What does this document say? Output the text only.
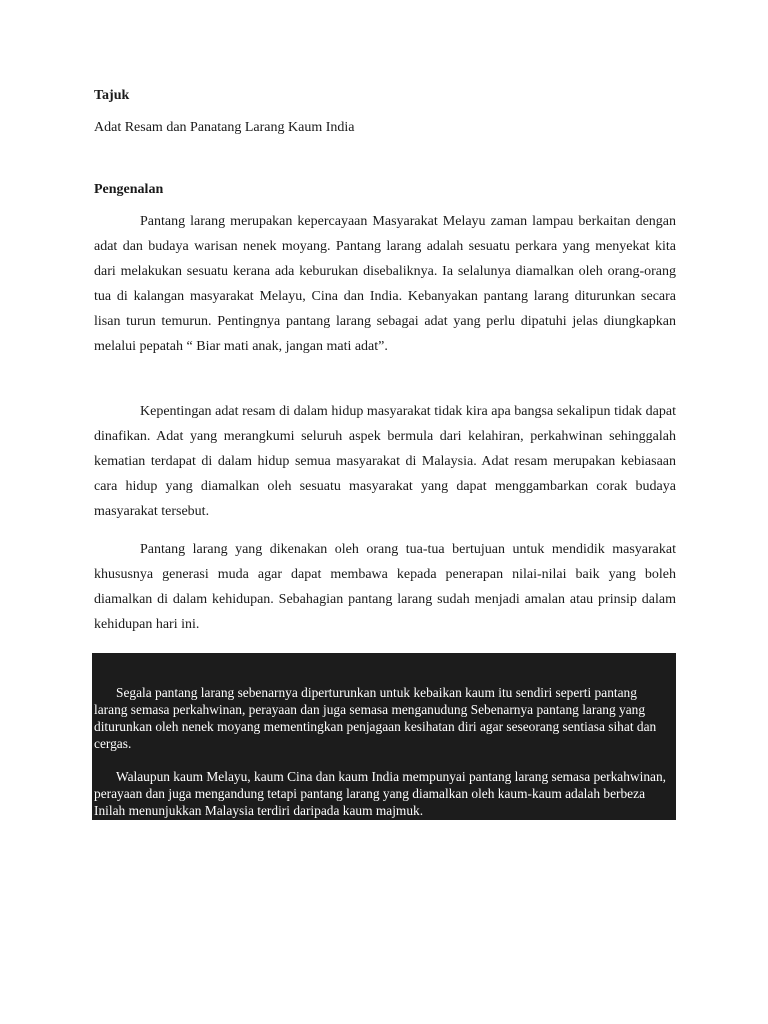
Tajuk

Adat Resam dan Panatang Larang Kaum India

Pengenalan

Pantang larang merupakan kepercayaan Masyarakat Melayu zaman lampau berkaitan dengan adat dan budaya warisan nenek moyang. Pantang larang adalah sesuatu perkara yang menyekat kita dari melakukan sesuatu kerana ada keburukan disebaliknya. Ia selalunya diamalkan oleh orang-orang tua di kalangan masyarakat Melayu, Cina dan India. Kebanyakan pantang larang diturunkan secara lisan turun temurun. Pentingnya pantang larang sebagai adat yang perlu dipatuhi jelas diungkapkan melalui pepatah “ Biar mati anak, jangan mati adat”.

Kepentingan adat resam di dalam hidup masyarakat tidak kira apa bangsa sekalipun tidak dapat dinafikan. Adat yang merangkumi seluruh aspek bermula dari kelahiran, perkahwinan sehinggalah kematian terdapat di dalam hidup semua masyarakat di Malaysia. Adat resam merupakan kebiasaan cara hidup yang diamalkan oleh sesuatu masyarakat yang dapat menggambarkan corak budaya masyarakat tersebut.

Pantang larang yang dikenakan oleh orang tua-tua bertujuan untuk mendidik masyarakat khususnya generasi muda agar dapat membawa kepada penerapan nilai-nilai baik yang boleh diamalkan di dalam kehidupan. Sebahagian pantang larang sudah menjadi amalan atau prinsip dalam kehidupan hari ini.

Segala pantang larang sebenarnya diperturunkan untuk kebaikan kaum itu sendiri seperti pantang larang semasa perkahwinan, perayaan dan juga semasa menganudung Sebenarnya pantang larang yang diturunkan oleh nenek moyang mementingkan penjagaan kesihatan diri agar seseorang sentiasa sihat dan cergas.

Walaupun kaum Melayu, kaum Cina dan kaum India mempunyai pantang larang semasa perkahwinan, perayaan dan juga mengandung tetapi pantang larang yang diamalkan oleh kaum-kaum adalah berbeza Inilah menunjukkan Malaysia terdiri daripada kaum majmuk.
